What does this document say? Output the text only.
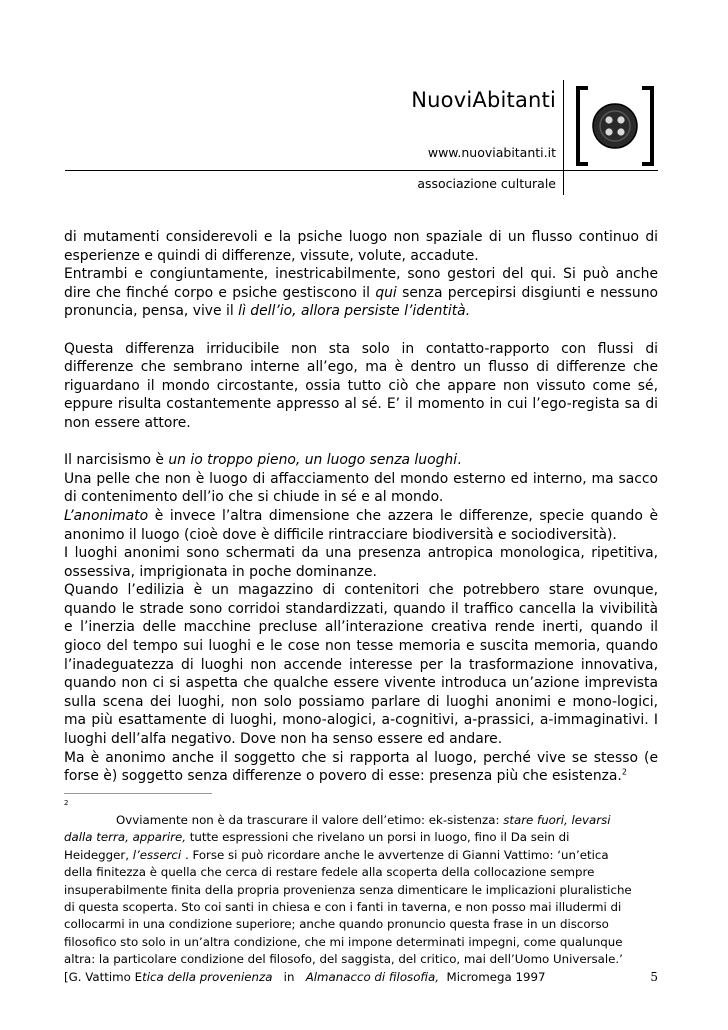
NuoviAbitanti
www.nuoviabitanti.it
associazione culturale

di mutamenti considerevoli e la psiche luogo non spaziale di un flusso continuo di esperienze e quindi di differenze, vissute, volute, accadute.

Entrambi e congiuntamente, inestricabilmente, sono gestori del qui. Si può anche dire che finché corpo e psiche gestiscono il qui senza percepirsi disgiunti e nessuno pronuncia, pensa, vive il lì dell’io, allora persiste l’identità.

Questa differenza irriducibile non sta solo in contatto-rapporto con flussi di differenze che sembrano interne all’ego, ma è dentro un flusso di differenze che riguardano il mondo circostante, ossia tutto ciò che appare non vissuto come sé, eppure risulta costantemente appresso al sé. E’ il momento in cui l’ego-regista sa di non essere attore.

Il narcisismo è un io troppo pieno, un luogo senza luoghi.

Una pelle che non è luogo di affacciamento del mondo esterno ed interno, ma sacco di contenimento dell’io che si chiude in sé e al mondo.

L’anonimato è invece l’altra dimensione che azzera le differenze, specie quando è anonimo il luogo (cioè dove è difficile rintracciare biodiversità e sociodiversità).

I luoghi anonimi sono schermati da una presenza antropica monologica, ripetitiva, ossessiva, imprigionata in poche dominanze.

Quando l’edilizia è un magazzino di contenitori che potrebbero stare ovunque, quando le strade sono corridoi standardizzati, quando il traffico cancella la vivibilità e l’inerzia delle macchine precluse all’interazione creativa rende inerti, quando il gioco del tempo sui luoghi e le cose non tesse memoria e suscita memoria, quando l’inadeguatezza di luoghi non accende interesse per la trasformazione innovativa, quando non ci si aspetta che qualche essere vivente introduca un’azione imprevista sulla scena dei luoghi, non solo possiamo parlare di luoghi anonimi e mono-logici, ma più esattamente di luoghi, mono-alogici, a-cognitivi, a-prassici, a-immaginativi. I luoghi dell’alfa negativo. Dove non ha senso essere ed andare.

Ma è anonimo anche il soggetto che si rapporta al luogo, perché vive se stesso (e forse è) soggetto senza differenze o povero di esse: presenza più che esistenza.$^2$

2

Ovviamente non è da trascurare il valore dell’etimo: ek-sistenza: stare fuori, levarsi

dalla terra, apparire, tutte espressioni che rivelano un porsi in luogo, fino il Da sein di

Heidegger, l’esserci . Forse si può ricordare anche le avvertenze di Gianni Vattimo: ‘un’etica

della finitezza è quella che cerca di restare fedele alla scoperta della collocazione sempre

insuperabilmente finita della propria provenienza senza dimenticare le implicazioni pluralistiche

di questa scoperta. Sto coi santi in chiesa e con i fanti in taverna, e non posso mai illudermi di

collocarmi in una condizione superiore; anche quando pronuncio questa frase in un discorso

filosofico sto solo in un’altra condizione, che mi impone determinati impegni, come qualunque

altra: la particolare condizione del filosofo, del saggista, del critico, mai dell’Uomo Universale.’

[G. Vattimo Etica della provenienza   in   Almanacco di filosofia,  Micromega 1997	5
